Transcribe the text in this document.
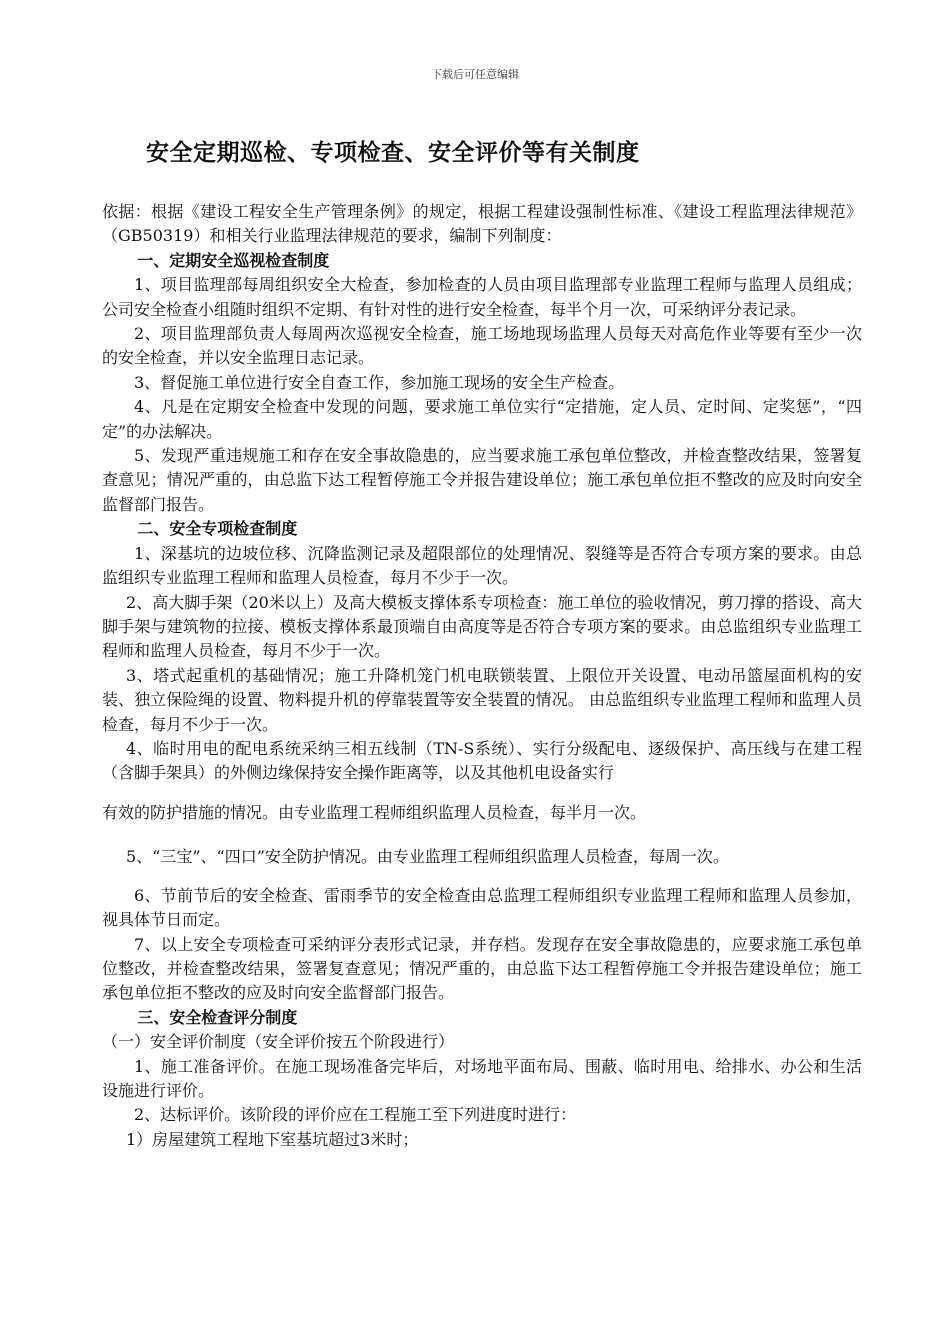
下载后可任意编辑
安全定期巡检、专项检查、安全评价等有关制度

依据：根据《建设工程安全生产管理条例》的规定，根据工程建设强制性标准、《建设工程监理法律规范》（GB50319）和相关行业监理法律规范的要求，编制下列制度：

一、定期安全巡视检查制度

1、项目监理部每周组织安全大检查，参加检查的人员由项目监理部专业监理工程师与监理人员组成；公司安全检查小组随时组织不定期、有针对性的进行安全检查，每半个月一次，可采纳评分表记录。

2、项目监理部负责人每周两次巡视安全检查，施工场地现场监理人员每天对高危作业等要有至少一次的安全检查，并以安全监理日志记录。

3、督促施工单位进行安全自查工作，参加施工现场的安全生产检查。

4、凡是在定期安全检查中发现的问题，要求施工单位实行“定措施，定人员、定时间、定奖惩”，“四定”的办法解决。

5、发现严重违规施工和存在安全事故隐患的，应当要求施工承包单位整改，并检查整改结果，签署复查意见；情况严重的，由总监下达工程暂停施工令并报告建设单位；施工承包单位拒不整改的应及时向安全监督部门报告。

二、安全专项检查制度

1、深基坑的边坡位移、沉降监测记录及超限部位的处理情况、裂缝等是否符合专项方案的要求。由总监组织专业监理工程师和监理人员检查，每月不少于一次。

2、高大脚手架（20米以上）及高大模板支撑体系专项检查：施工单位的验收情况，剪刀撑的搭设、高大脚手架与建筑物的拉接、模板支撑体系最顶端自由高度等是否符合专项方案的要求。由总监组织专业监理工程师和监理人员检查，每月不少于一次。

3、塔式起重机的基础情况；施工升降机笼门机电联锁装置、上限位开关设置、电动吊篮屋面机构的安装、独立保险绳的设置、物料提升机的停靠装置等安全装置的情况。 由总监组织专业监理工程师和监理人员检查，每月不少于一次。

4、临时用电的配电系统采纳三相五线制（TN-S系统）、实行分级配电、逐级保护、高压线与在建工程（含脚手架具）的外侧边缘保持安全操作距离等，以及其他机电设备实行

有效的防护措施的情况。由专业监理工程师组织监理人员检查，每半月一次。

5、“三宝”、“四口”安全防护情况。由专业监理工程师组织监理人员检查，每周一次。

6、节前节后的安全检查、雷雨季节的安全检查由总监理工程师组织专业监理工程师和监理人员参加，视具体节日而定。

7、以上安全专项检查可采纳评分表形式记录，并存档。发现存在安全事故隐患的，应要求施工承包单位整改，并检查整改结果，签署复查意见；情况严重的，由总监下达工程暂停施工令并报告建设单位；施工承包单位拒不整改的应及时向安全监督部门报告。

三、安全检查评分制度

（一）安全评价制度（安全评价按五个阶段进行）

1、施工准备评价。在施工现场准备完毕后，对场地平面布局、围蔽、临时用电、给排水、办公和生活设施进行评价。

2、达标评价。该阶段的评价应在工程施工至下列进度时进行：

1）房屋建筑工程地下室基坑超过3米时；
